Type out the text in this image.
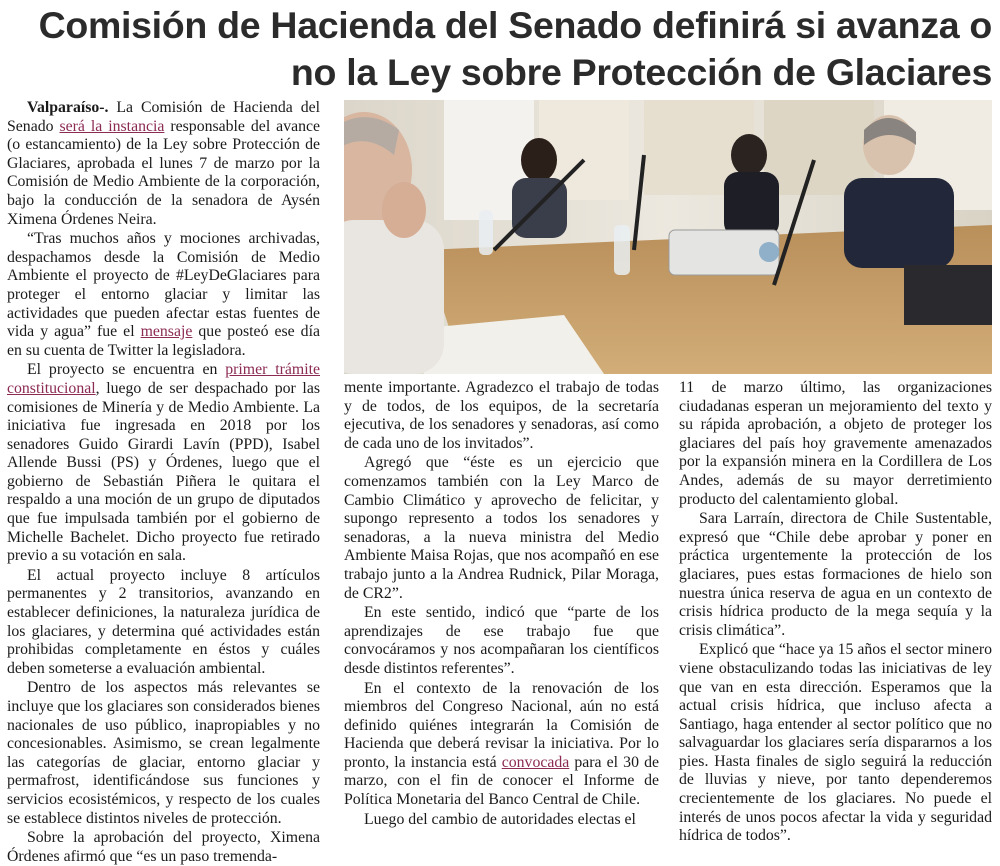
Comisión de Hacienda del Senado definirá si avanza o
no la Ley sobre Protección de Glaciares

Valparaíso-. La Comisión de Hacienda del Senado será la instancia responsable del avance (o estancamiento) de la Ley sobre Protección de Glaciares, aprobada el lunes 7 de marzo por la Comisión de Medio Ambiente de la corporación, bajo la conducción de la senadora de Aysén Ximena Órdenes Neira.

“Tras muchos años y mociones archivadas, despachamos desde la Comisión de Medio Ambiente el proyecto de #LeyDeGlaciares para proteger el entorno glaciar y limitar las actividades que pueden afectar estas fuentes de vida y agua” fue el mensaje que posteó ese día en su cuenta de Twitter la legisladora.

El proyecto se encuentra en primer trámite constitucional, luego de ser despachado por las comisiones de Minería y de Medio Ambiente. La iniciativa fue ingresada en 2018 por los senadores Guido Girardi Lavín (PPD), Isabel Allende Bussi (PS) y Órdenes, luego que el gobierno de Sebastián Piñera le quitara el respaldo a una moción de un grupo de diputados que fue impulsada también por el gobierno de Michelle Bachelet. Dicho proyecto fue retirado previo a su votación en sala.

El actual proyecto incluye 8 artículos permanentes y 2 transitorios, avanzando en establecer definiciones, la naturaleza jurídica de los glaciares, y determina qué actividades están prohibidas completamente en éstos y cuáles deben someterse a evaluación ambiental.

Dentro de los aspectos más relevantes se incluye que los glaciares son considerados bienes nacionales de uso público, inapropiables y no concesionables. Asimismo, se crean legalmente las categorías de glaciar, entorno glaciar y permafrost, identificándose sus funciones y servicios ecosistémicos, y respecto de los cuales se establece distintos niveles de protección.

Sobre la aprobación del proyecto, Ximena Órdenes afirmó que “es un paso tremenda-

mente importante. Agradezco el trabajo de todas y de todos, de los equipos, de la secretaría ejecutiva, de los senadores y senadoras, así como de cada uno de los invitados”.

Agregó que “éste es un ejercicio que comenzamos también con la Ley Marco de Cambio Climático y aprovecho de felicitar, y supongo represento a todos los senadores y senadoras, a la nueva ministra del Medio Ambiente Maisa Rojas, que nos acompañó en ese trabajo junto a la Andrea Rudnick, Pilar Moraga, de CR2”.

En este sentido, indicó que “parte de los aprendizajes de ese trabajo fue que convocáramos y nos acompañaran los científicos desde distintos referentes”.

En el contexto de la renovación de los miembros del Congreso Nacional, aún no está definido quiénes integrarán la Comisión de Hacienda que deberá revisar la iniciativa. Por lo pronto, la instancia está convocada para el 30 de marzo, con el fin de conocer el Informe de Política Monetaria del Banco Central de Chile.

Luego del cambio de autoridades electas el

11 de marzo último, las organizaciones ciudadanas esperan un mejoramiento del texto y su rápida aprobación, a objeto de proteger los glaciares del país hoy gravemente amenazados por la expansión minera en la Cordillera de Los Andes, además de su mayor derretimiento producto del calentamiento global.

Sara Larraín, directora de Chile Sustentable, expresó que “Chile debe aprobar y poner en práctica urgentemente la protección de los glaciares, pues estas formaciones de hielo son nuestra única reserva de agua en un contexto de crisis hídrica producto de la mega sequía y la crisis climática”.

Explicó que “hace ya 15 años el sector minero viene obstaculizando todas las iniciativas de ley que van en esta dirección. Esperamos que la actual crisis hídrica, que incluso afecta a Santiago, haga entender al sector político que no salvaguardar los glaciares sería dispararnos a los pies. Hasta finales de siglo seguirá la reducción de lluvias y nieve, por tanto dependeremos crecientemente de los glaciares. No puede el interés de unos pocos afectar la vida y seguridad hídrica de todos”.
